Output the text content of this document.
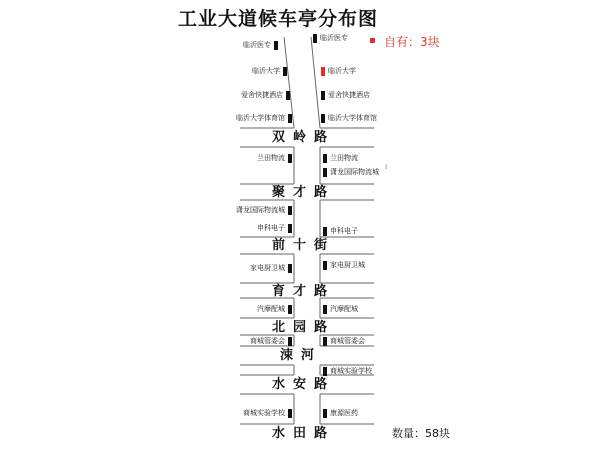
工业大道候车亭分布图
自有：3块
ı
双岭路
聚才路
前十街
育才路
北园路
涑河
水安路
水田路
临沂医专
临沂大学
爱舍快捷酒店
临沂大学体育馆
兰田物流
潇龙国际物流城
申科电子
家电厨卫城
汽摩配城
商城管委会
商城实验学校
临沂医专
临沂大学
爱舍快捷酒店
临沂大学体育馆
兰田物流
潇龙国际物流城
申科电子
家电厨卫城
汽摩配城
商城管委会
商城实验学校
康源医药
数量：58块
